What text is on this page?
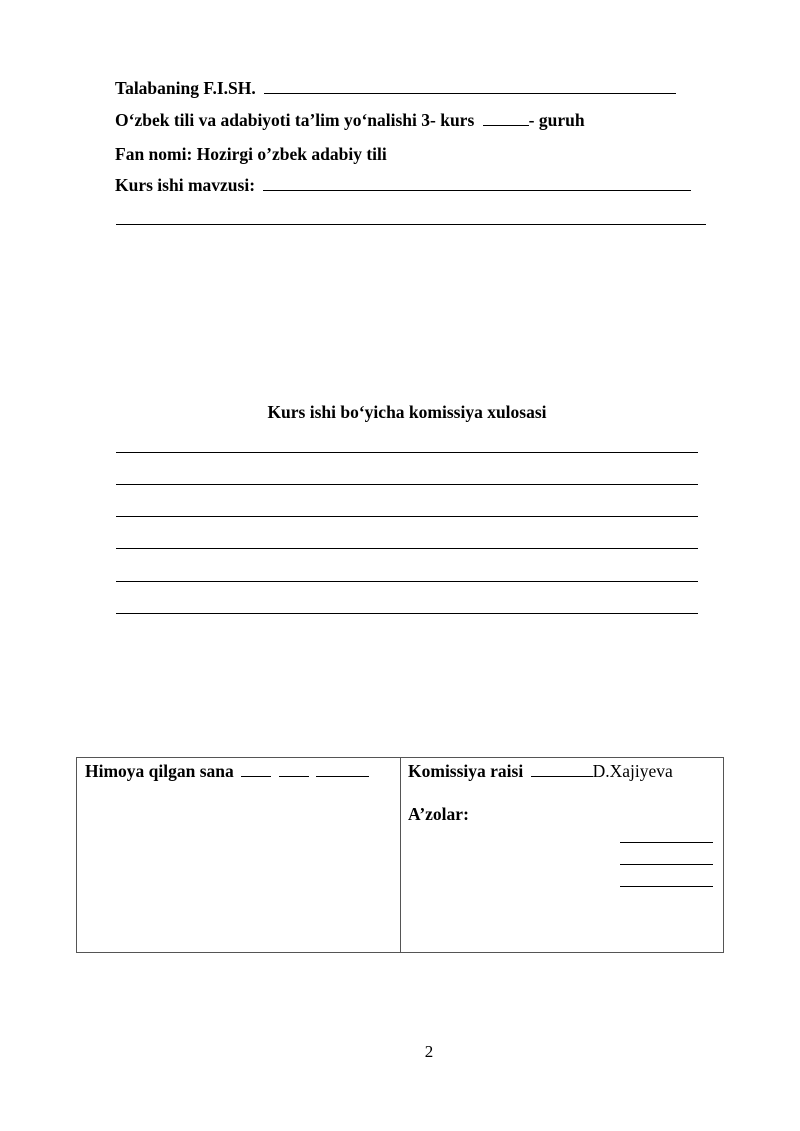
Talabaning F.I.SH.
O‘zbek tili va adabiyoti ta’lim yo‘nalishi 3- kurs	- guruh
Fan nomi: Hozirgi o’zbek adabiy tili
Kurs ishi mavzusi:
Kurs ishi bo‘yicha komissiya xulosasi
Himoya qilgan sana	Komissiya raisi	D.Xajiyeva
A’zolar:
2
